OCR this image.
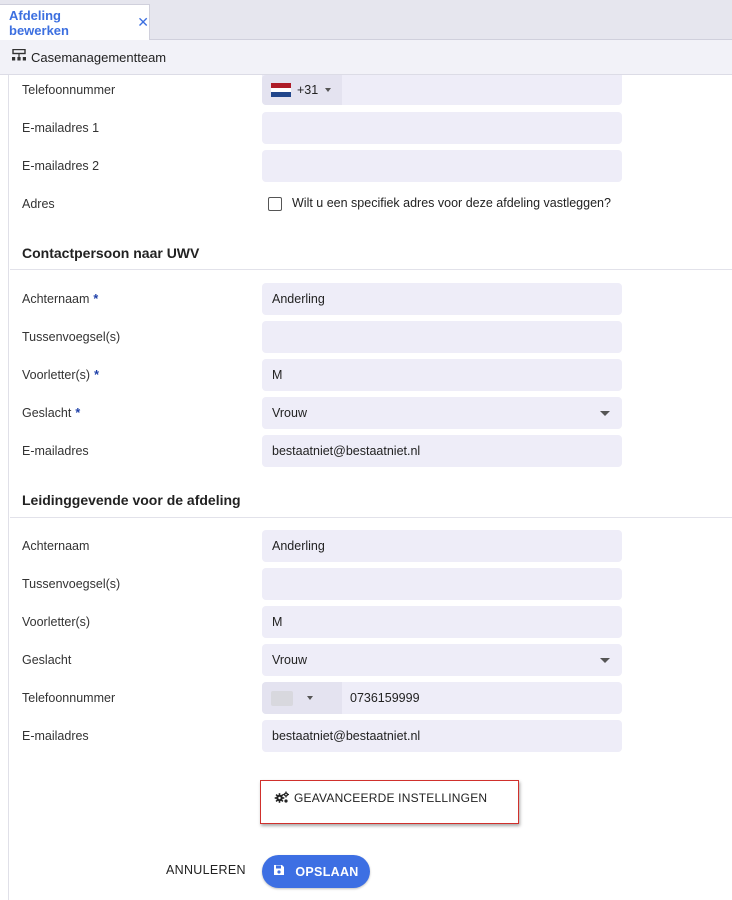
Afdeling bewerken	✕
Casemanagementteam
Telefoonnummer	+31
E-mailadres 1
E-mailadres 2
Adres	Wilt u een specifiek adres voor deze afdeling vastleggen?
Contactpersoon naar UWV
Achternaam *	Anderling
Tussenvoegsel(s)
Voorletter(s) *	M
Geslacht *	Vrouw
E-mailadres	bestaatniet@bestaatniet.nl
Leidinggevende voor de afdeling
Achternaam	Anderling
Tussenvoegsel(s)
Voorletter(s)	M
Geslacht	Vrouw
Telefoonnummer	0736159999
E-mailadres	bestaatniet@bestaatniet.nl
GEAVANCEERDE INSTELLINGEN
ANNULEREN	OPSLAAN
